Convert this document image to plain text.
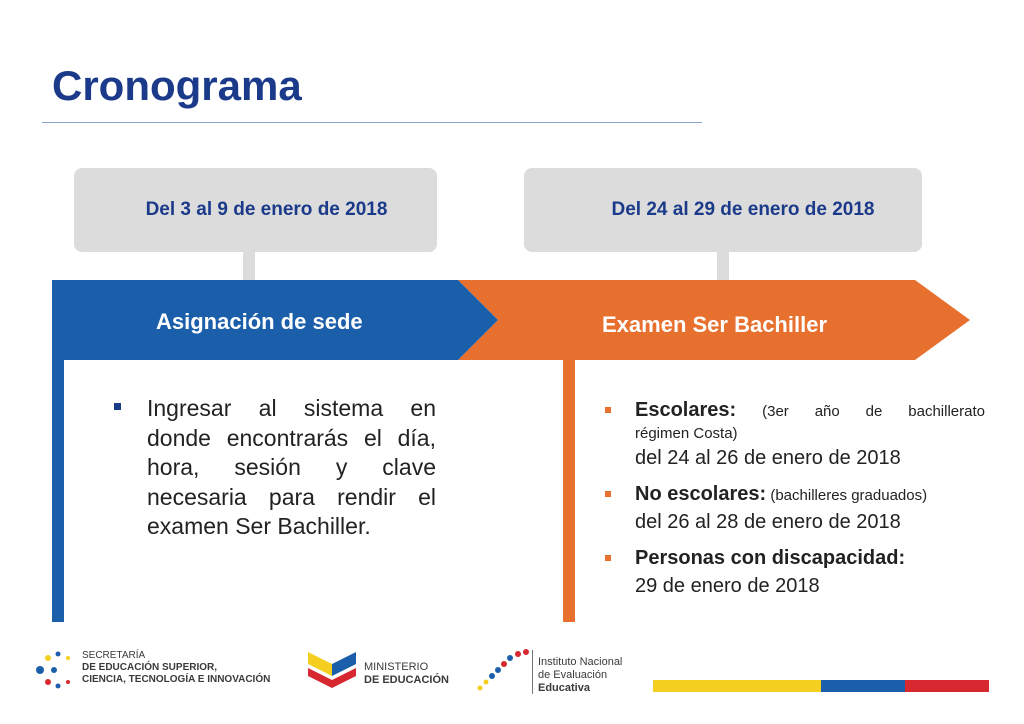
Cronograma
Del 3 al 9 de enero de 2018	Del 24 al 29 de enero de 2018
Asignación de sede	Examen Ser Bachiller

Ingresar al sistema en donde encontrarás el día, hora, sesión y clave necesaria para rendir el examen Ser Bachiller.

Escolares: (3er año de bachillerato
régimen Costa)
del 24 al 26 de enero de 2018
No escolares: (bachilleres graduados)
del 26 al 28 de enero de 2018
Personas con discapacidad:
29 de enero de 2018
SECRETARÍA
DE EDUCACIÓN SUPERIOR,
CIENCIA, TECNOLOGÍA E INNOVACIÓN
MINISTERIO
DE EDUCACIÓN
Instituto Nacional
de Evaluación
Educativa
